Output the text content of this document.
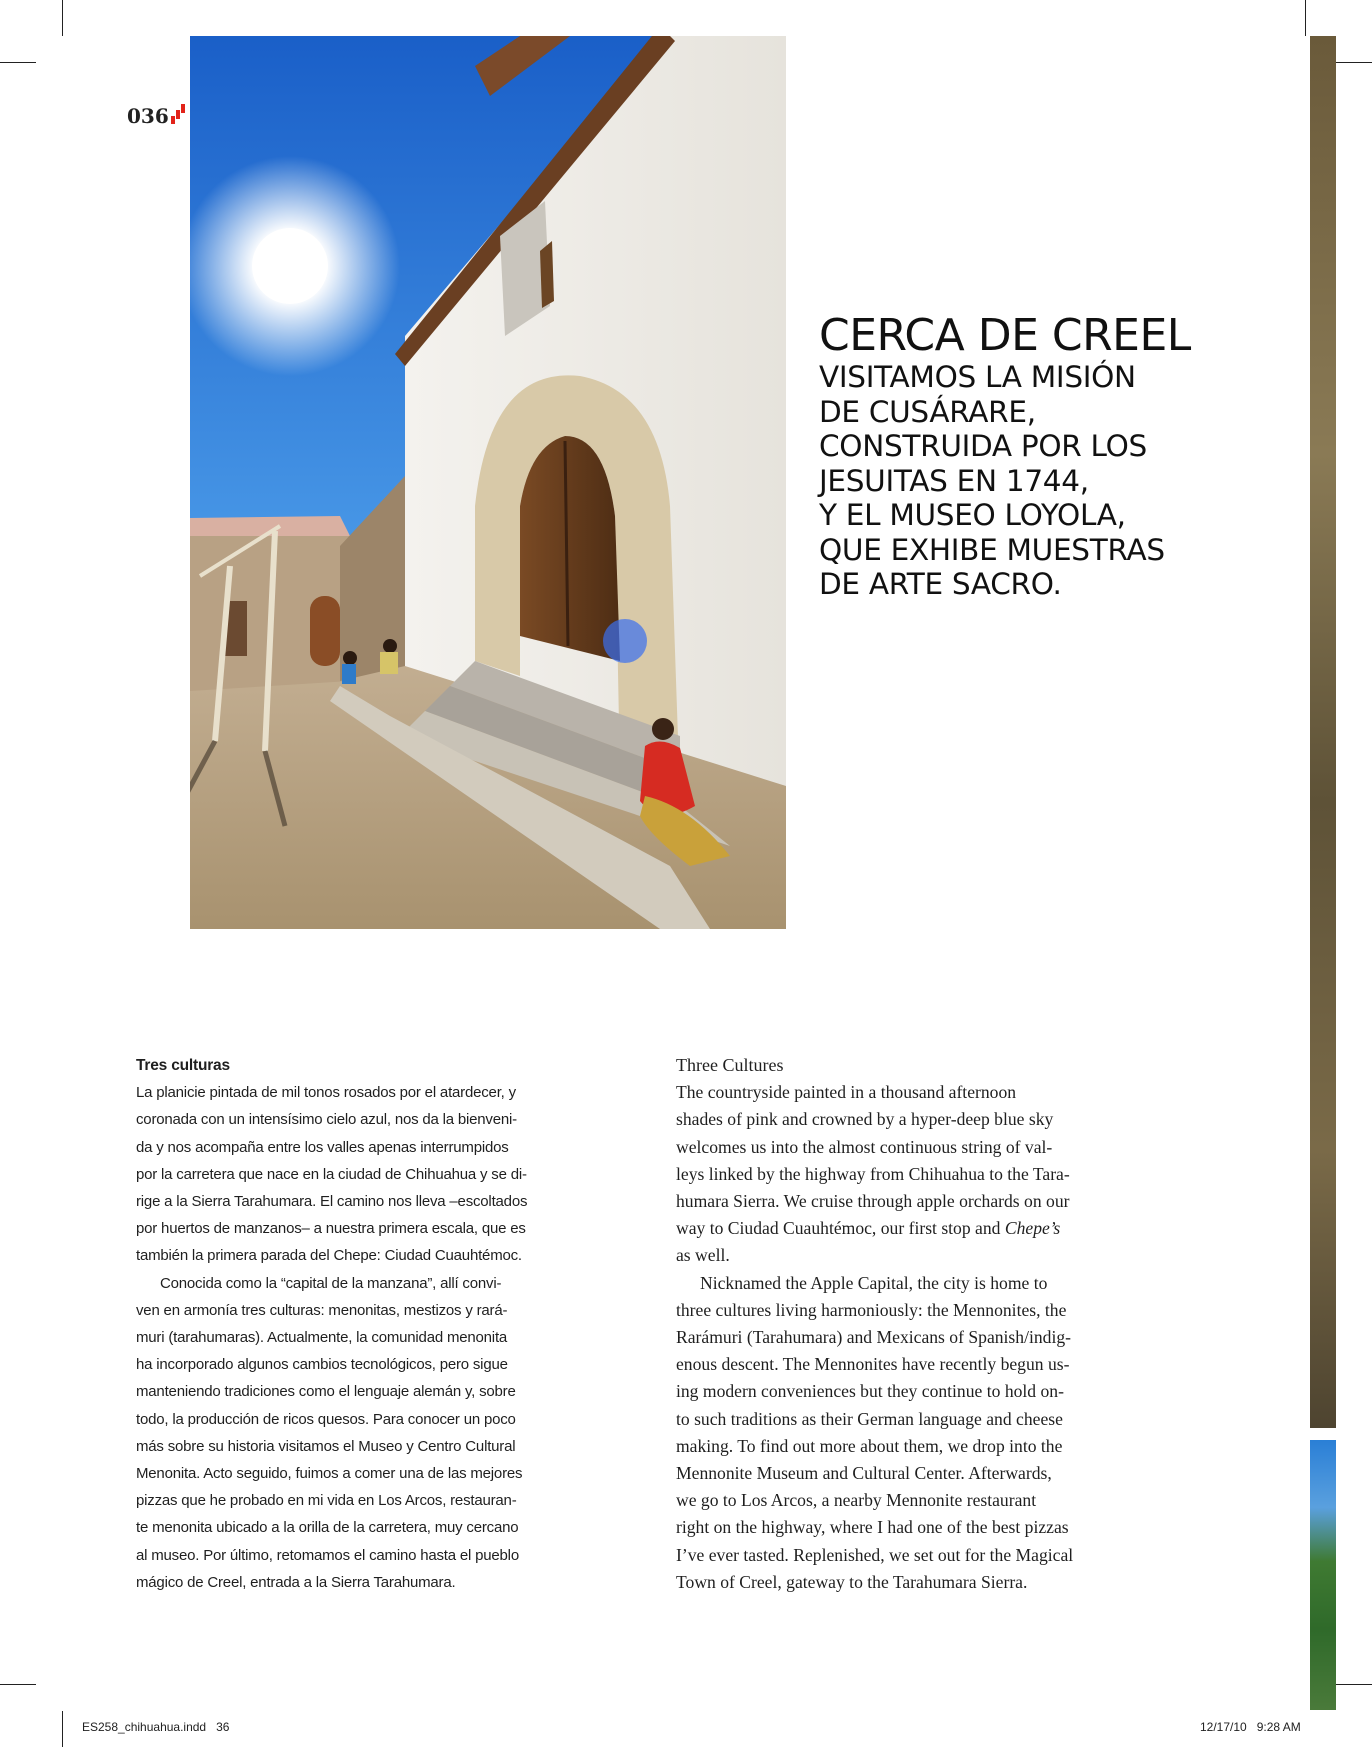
036
CERCA DE CREEL
VISITAMOS LA MISIÓN
DE CUSÁRARE,
CONSTRUIDA POR LOS
JESUITAS EN 1744,
Y EL MUSEO LOYOLA,
QUE EXHIBE MUESTRAS
DE ARTE SACRO.

Tres culturas

La planicie pintada de mil tonos rosados por el atardecer, y

coronada con un intensísimo cielo azul, nos da la bienveni-

da y nos acompaña entre los valles apenas interrumpidos

por la carretera que nace en la ciudad de Chihuahua y se di-

rige a la Sierra Tarahumara. El camino nos lleva –escoltados

por huertos de manzanos– a nuestra primera escala, que es

también la primera parada del Chepe: Ciudad Cuauhtémoc.

Conocida como la “capital de la manzana”, allí convi-

ven en armonía tres culturas: menonitas, mestizos y rará-

muri (tarahumaras). Actualmente, la comunidad menonita

ha incorporado algunos cambios tecnológicos, pero sigue

manteniendo tradiciones como el lenguaje alemán y, sobre

todo, la producción de ricos quesos. Para conocer un poco

más sobre su historia visitamos el Museo y Centro Cultural

Menonita. Acto seguido, fuimos a comer una de las mejores

pizzas que he probado en mi vida en Los Arcos, restauran-

te menonita ubicado a la orilla de la carretera, muy cercano

al museo. Por último, retomamos el camino hasta el pueblo

mágico de Creel, entrada a la Sierra Tarahumara.

Three Cultures

The countryside painted in a thousand afternoon

shades of pink and crowned by a hyper-deep blue sky

welcomes us into the almost continuous string of val-

leys linked by the highway from Chihuahua to the Tara-

humara Sierra. We cruise through apple orchards on our

way to Ciudad Cuauhtémoc, our first stop and Chepe’s

as well.

Nicknamed the Apple Capital, the city is home to

three cultures living harmoniously: the Mennonites, the

Rarámuri (Tarahumara) and Mexicans of Spanish/indig-

enous descent. The Mennonites have recently begun us-

ing modern conveniences but they continue to hold on-

to such traditions as their German language and cheese

making. To find out more about them, we drop into the

Mennonite Museum and Cultural Center. Afterwards,

we go to Los Arcos, a nearby Mennonite restaurant

right on the highway, where I had one of the best pizzas

I’ve ever tasted. Replenished, we set out for the Magical

Town of Creel, gateway to the Tarahumara Sierra.

ES258_chihuahua.indd   36	12/17/10   9:28 AM
